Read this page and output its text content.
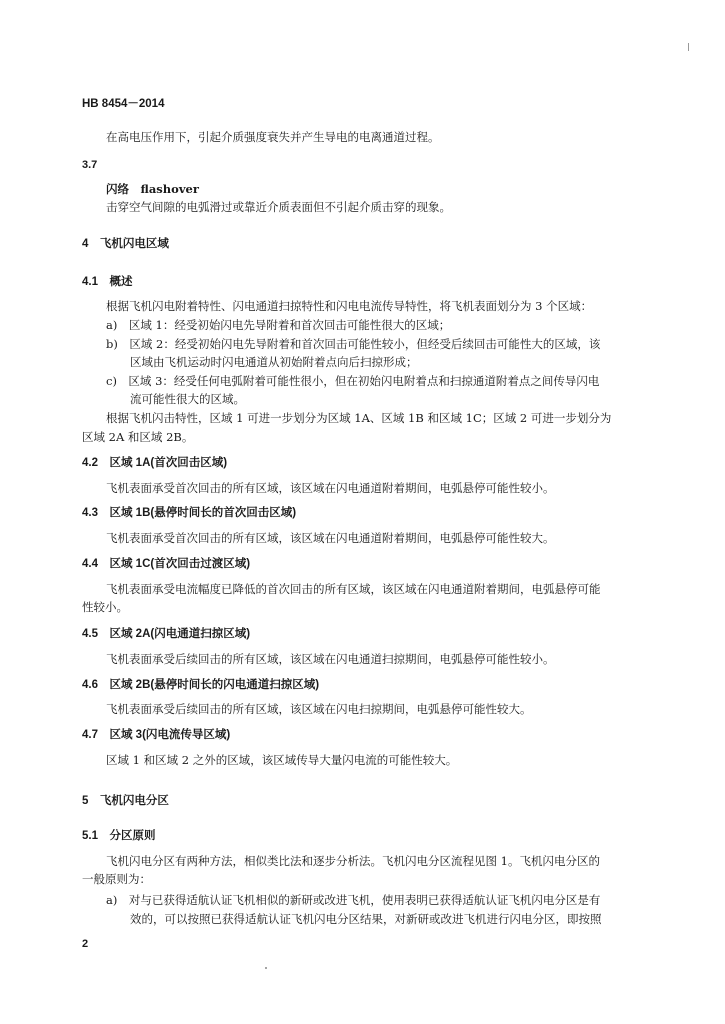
HB 8454－2014
在高电压作用下，引起介质强度衰失并产生导电的电离通道过程。
3.7
闪络　flashover
击穿空气间隙的电弧滑过或靠近介质表面但不引起介质击穿的现象。
4　飞机闪电区域
4.1　概述
根据飞机闪电附着特性、闪电通道扫掠特性和闪电电流传导特性，将飞机表面划分为 3 个区域：
a)　区域 1：经受初始闪电先导附着和首次回击可能性很大的区域；
b)　区域 2：经受初始闪电先导附着和首次回击可能性较小，但经受后续回击可能性大的区域，该
区域由飞机运动时闪电通道从初始附着点向后扫掠形成；
c)　区域 3：经受任何电弧附着可能性很小，但在初始闪电附着点和扫掠通道附着点之间传导闪电
流可能性很大的区域。
根据飞机闪击特性，区域 1 可进一步划分为区域 1A、区域 1B 和区域 1C；区域 2 可进一步划分为
区域 2A 和区域 2B。
4.2　区域 1A(首次回击区域)
飞机表面承受首次回击的所有区域，该区域在闪电通道附着期间，电弧悬停可能性较小。
4.3　区域 1B(悬停时间长的首次回击区域)
飞机表面承受首次回击的所有区域，该区域在闪电通道附着期间，电弧悬停可能性较大。
4.4　区域 1C(首次回击过渡区域)
飞机表面承受电流幅度已降低的首次回击的所有区域，该区域在闪电通道附着期间，电弧悬停可能
性较小。
4.5　区域 2A(闪电通道扫掠区域)
飞机表面承受后续回击的所有区域，该区域在闪电通道扫掠期间，电弧悬停可能性较小。
4.6　区域 2B(悬停时间长的闪电通道扫掠区域)
飞机表面承受后续回击的所有区域，该区域在闪电扫掠期间，电弧悬停可能性较大。
4.7　区域 3(闪电流传导区域)
区域 1 和区域 2 之外的区域，该区域传导大量闪电流的可能性较大。
5　飞机闪电分区
5.1　分区原则
飞机闪电分区有两种方法，相似类比法和逐步分析法。飞机闪电分区流程见图 1。飞机闪电分区的
一般原则为：
a)　对与已获得适航认证飞机相似的新研或改进飞机，使用表明已获得适航认证飞机闪电分区是有
效的，可以按照已获得适航认证飞机闪电分区结果，对新研或改进飞机进行闪电分区，即按照
2
